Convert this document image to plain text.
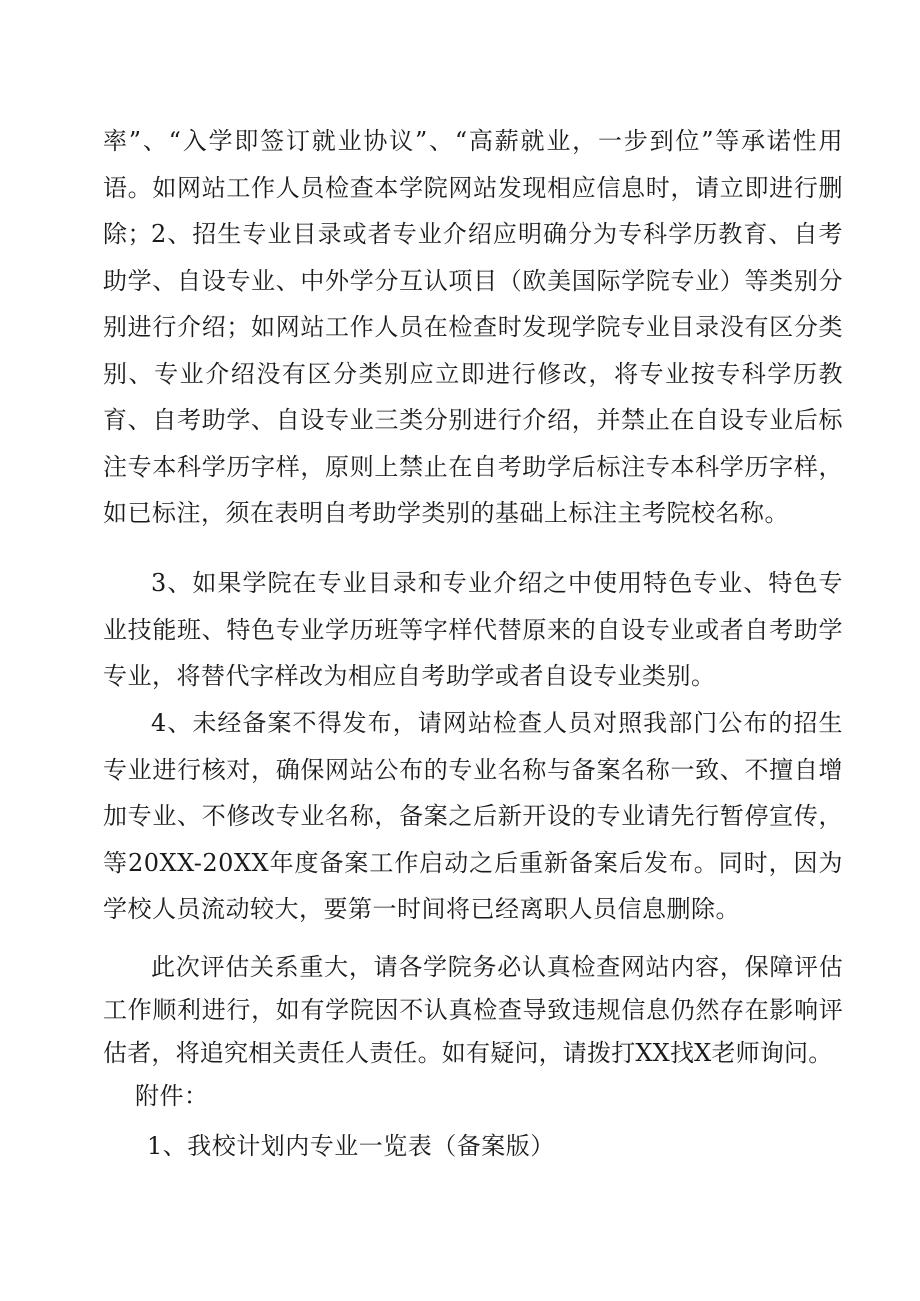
率”、“入学即签订就业协议”、“高薪就业，一步到位”等承诺性用语。如网站工作人员检查本学院网站发现相应信息时，请立即进行删除； 2、招生专业目录或者专业介绍应明确分为专科学历教育、自考助学、自设专业、中外学分互认项目（欧美国际学院专业）等类别分别进行介绍；如网站工作人员在检查时发现学院专业目录没有区分类别、专业介绍没有区分类别应立即进行修改，将专业按专科学历教育、自考助学、自设专业三类分别进行介绍，并禁止在自设专业后标注专本科学历字样，原则上禁止在自考助学后标注专本科学历字样，如已标注，须在表明自考助学类别的基础上标注主考院校名称。

3、如果学院在专业目录和专业介绍之中使用特色专业、特色专业技能班、特色专业学历班等字样代替原来的自设专业或者自考助学专业，将替代字样改为相应自考助学或者自设专业类别。

4、未经备案不得发布，请网站检查人员对照我部门公布的招生专业进行核对，确保网站公布的专业名称与备案名称一致、不擅自增加专业、不修改专业名称，备案之后新开设的专业请先行暂停宣传，等20XX-20XX年度备案工作启动之后重新备案后发布。同时，因为学校人员流动较大，要第一时间将已经离职人员信息删除。

此次评估关系重大，请各学院务必认真检查网站内容，保障评估工作顺利进行，如有学院因不认真检查导致违规信息仍然存在影响评估者，将追究相关责任人责任。如有疑问，请拨打XX找X老师询问。

附件：

1、我校计划内专业一览表（备案版）
